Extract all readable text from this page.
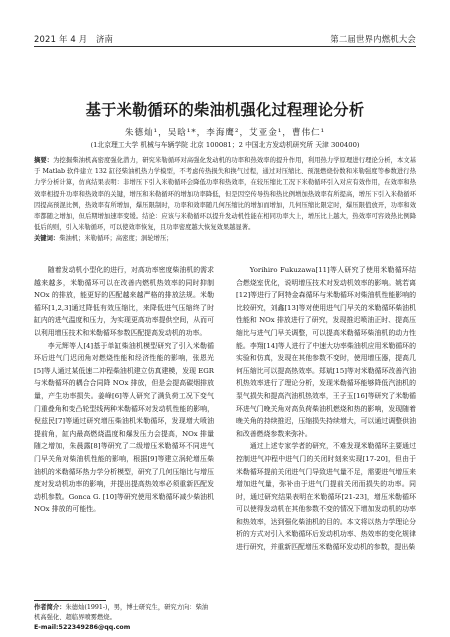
2021 年 4 月　济南	第二届世界内燃机大会
基于米勒循环的柴油机强化过程理论分析
朱德灿¹，吴晗¹*，李海鹰²，艾亚金¹，曹伟仁¹
(1北京理工大学 机械与车辆学院 北京 100081；2 中国北方发动机研究所 天津 300400)
摘要：为挖掘柴油机高密度强化潜力，研究米勒循环对高强化发动机的功率和热效率的提升作用，利用热力学原理进行理论分析，本文基于 Matlab 软件建立 132 缸径柴油机热力学模型，不考虑传热损失和换气过程，通过对压缩比、预混燃烧份数和米勒强度等参数进行热力学分析计算，仿真结果表明：非增压下引入米勒循环会降低功率和热效率，在较压缩比工况下米勒循环引入对应有效作用，在效率和热效率相提升功率和热效率的关键，增压和米勒循环的增加功率降低，但是因空传导热和热比例增加热效率有所提高，增压下引入米勒循环因提高预混比例，热效率有所增加，爆压限制时，功率和效率随几何压缩比的增加而增加，几何压缩比限定时，爆压限值放开，功率和效率都随之增加，但后期增加速率变缓。结论：应该与米勒循环以提升发动机性能在相同功率大上，增压比上越大，热效率可容效热比例降低后的则，引入米勒循环，可以使效率恢复，且功率密度越大恢复效果越显著。
关键词：柴油机；米勒循环；高密度；涡轮增压；

随着发动机小型化的进行，对高功率密度柴油机的需求越来越多，米勒循环可以在改善内燃机热效率的同时抑制 NOx 的排放，能更好的匹配越来越严格的排放法规。米勒循环[1,2,3]通过降低有效压缩比，来降低进气压缩终了时缸内的进气温度和压力，为实现更高功率提供空间，从而可以利用增压技术和米勒循环参数匹配提高发动机的功率。

李元辉等人[4]基于单缸柴油机模型研究了引入米勒循环后进气门迟闭角对燃烧性能和经济性能的影响，张恩光[5]等人通过某低速二冲程柴油机建立仿真建模，发现 EGR 与米勒循环的耦合合同降 NOx 排放，但是会提高碳烟排放量，产生功率损失。姜峰[6]等人研究了满负荷工况下变气门重叠角和变凸轮型线两种米勒循环对发动机性能的影响，倪兹民[7]等通过研究增压柴油机米勒循环，发现增大喷油提前角，缸内最高燃烧温度和爆发压力会提高，NOx 排量随之增加，朱晨露[8]等研究了二级增压米勒循环不同进气门早关角对柴油机性能的影响，根据[9]等建立涡轮增压柴油机的米勒循环热力学分析模型，研究了几何压缩比与增压度对发动机功率的影响，并提出提高热效率必须重新匹配发动机参数。Gonca G. [10]等研究使用米勒循环减少柴油机 NOx 排放的可能性。

Yorihiro Fukuzawa[11]等人研究了使用米勒循环结合燃烧室优化，说明增压技术对发动机效率的影响。姚若离[12]等进行了阿特金森循环与米勒循环对柴油机性能影响的比较研究，刘鑫[13]等对使用进气门早关的米勒循环柴油机性能和 NOx 排放进行了研究，发现推迟喷油正时、提高压缩比与进气门早关调整，可以提高米勒循环柴油机的动力性能。李翔[14]等人进行了中速大功率柴油机应用米勒循环的实验和仿真，发现在其他参数不变时，使用增压器，提高几何压缩比可以提高热效率。郑斌[15]等对米勒循环改善汽油机热效率进行了理论分析，发现米勒循环能够降低汽油机的泵气损失和提高汽油机热效率，王子玉[16]等研究了米勒循环进气门晚关角对高负荷柴油机燃烧和热的影响，发现随着晚关角的持续推迟，压缩损失持续增大，可以通过调整供油和改善燃烧参数来弥补。

通过上述专家学者的研究，不难发现米勒循环主要通过控制进气冲程中进气门的关闭时刻来实现[17-20]，但由于米勒循环提前关闭进气门导致进气量不足，需要进气增压来增加进气量，弥补由于进气门提前关闭而损失的功率。同时，通过研究结果表明在米勒循环[21-23]，增压米勒循环可以使得发动机在其他参数不变的情况下增加发动机的功率和热效率，达到强化柴油机的目的。本文将以热力学理论分析的方式对引入米勒循环后发动机功率、热效率的变化规律进行研究，并重新匹配增压米勒循环发动机的参数，提出柴

作者简介：朱德灿(1991-)，男，博士研究生，研究方向：柴油机高强化、超临界喷雾燃烧。
E-mail:522349286@qq.com
